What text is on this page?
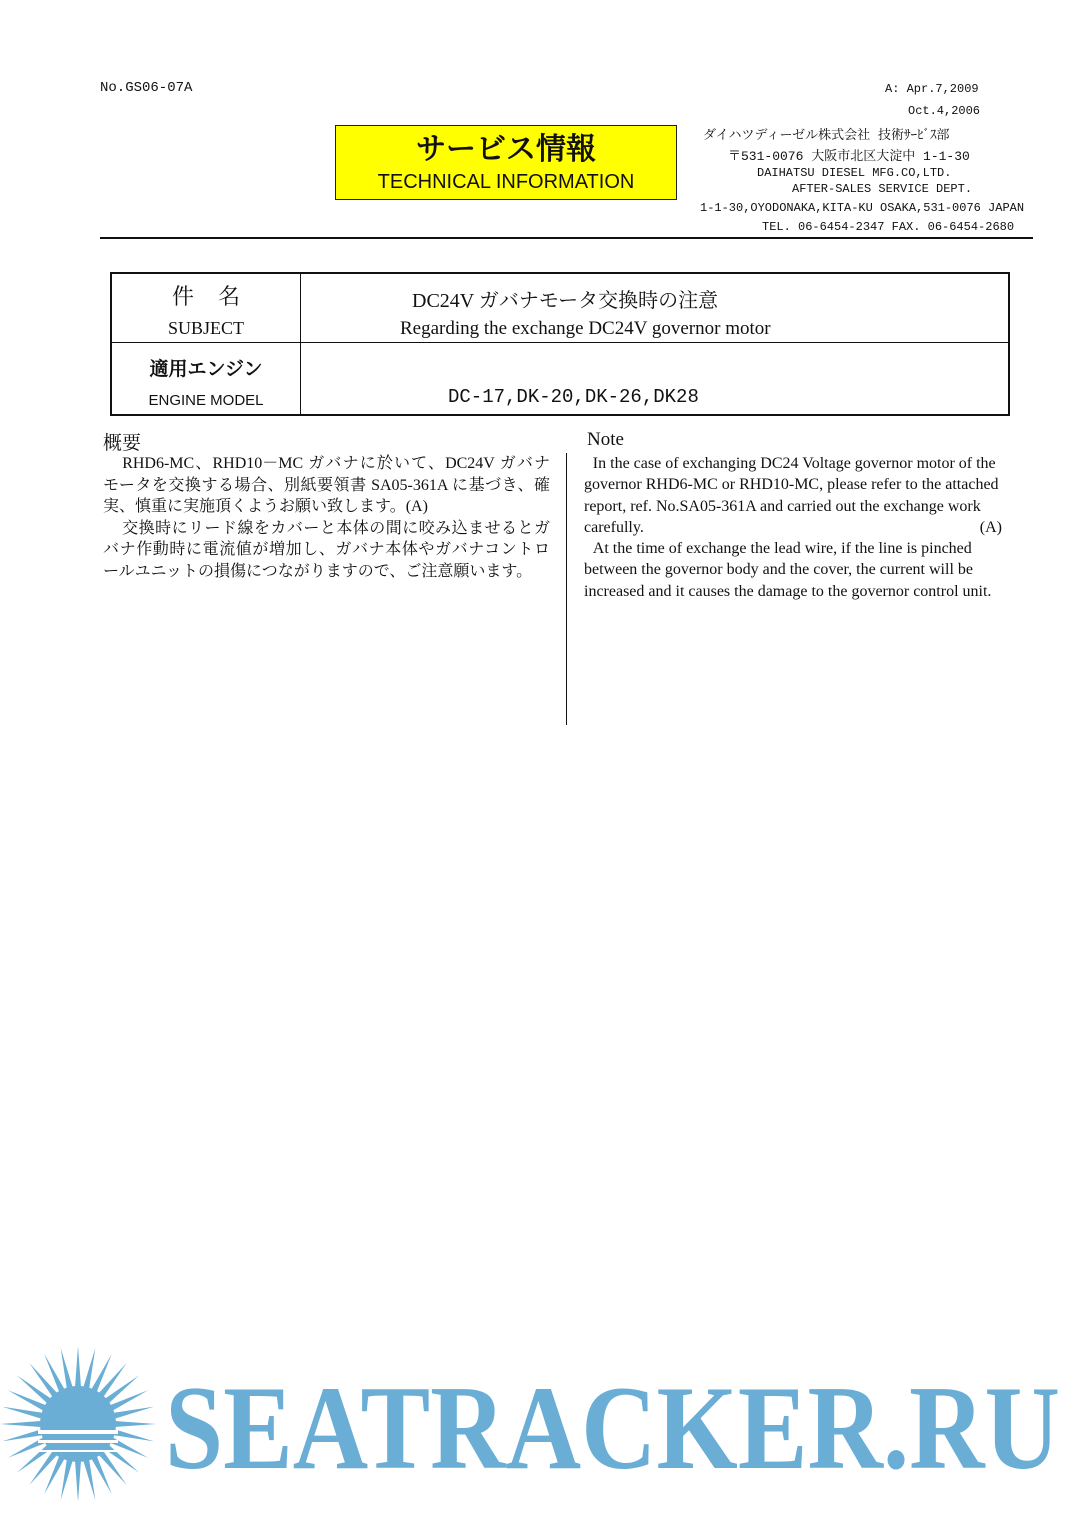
No.GS06-07A	A: Apr.7,2009
Oct.4,2006
サービス情報
TECHNICAL INFORMATION
ダイハツディーゼル株式会社 技術ｻｰﾋﾞｽ部
〒531-0076 大阪市北区大淀中 1-1-30
DAIHATSU DIESEL MFG.CO,LTD.
AFTER-SALES SERVICE DEPT.
1-1-30,OYODONAKA,KITA-KU OSAKA,531-0076 JAPAN
TEL. 06-6454-2347 FAX. 06-6454-2680
件名
SUBJECT
適用エンジン
ENGINE MODEL
DC24V ガバナモータ交換時の注意
Regarding the exchange DC24V governor motor
DC-17,DK-20,DK-26,DK28
概要

RHD6-MC、RHD10－MC ガバナに於いて、DC24V ガバナモータを交換する場合、別紙要領書 SA05-361A に基づき、確実、慎重に実施頂くようお願い致します。(A)

交換時にリード線をカバーと本体の間に咬み込ませるとガバナ作動時に電流値が増加し、ガバナ本体やガバナコントロールユニットの損傷につながりますので、ご注意願います。

Note

In the case of exchanging DC24 Voltage governor motor of the governor RHD6-MC or RHD10-MC, please refer to the attached report, ref. No.SA05-361A and carried out the exchange work carefully.	(A)

At the time of exchange the lead wire, if the line is pinched between the governor body and the cover, the current will be increased and it causes the damage to the governor control unit.

SEATRACKER.RU
